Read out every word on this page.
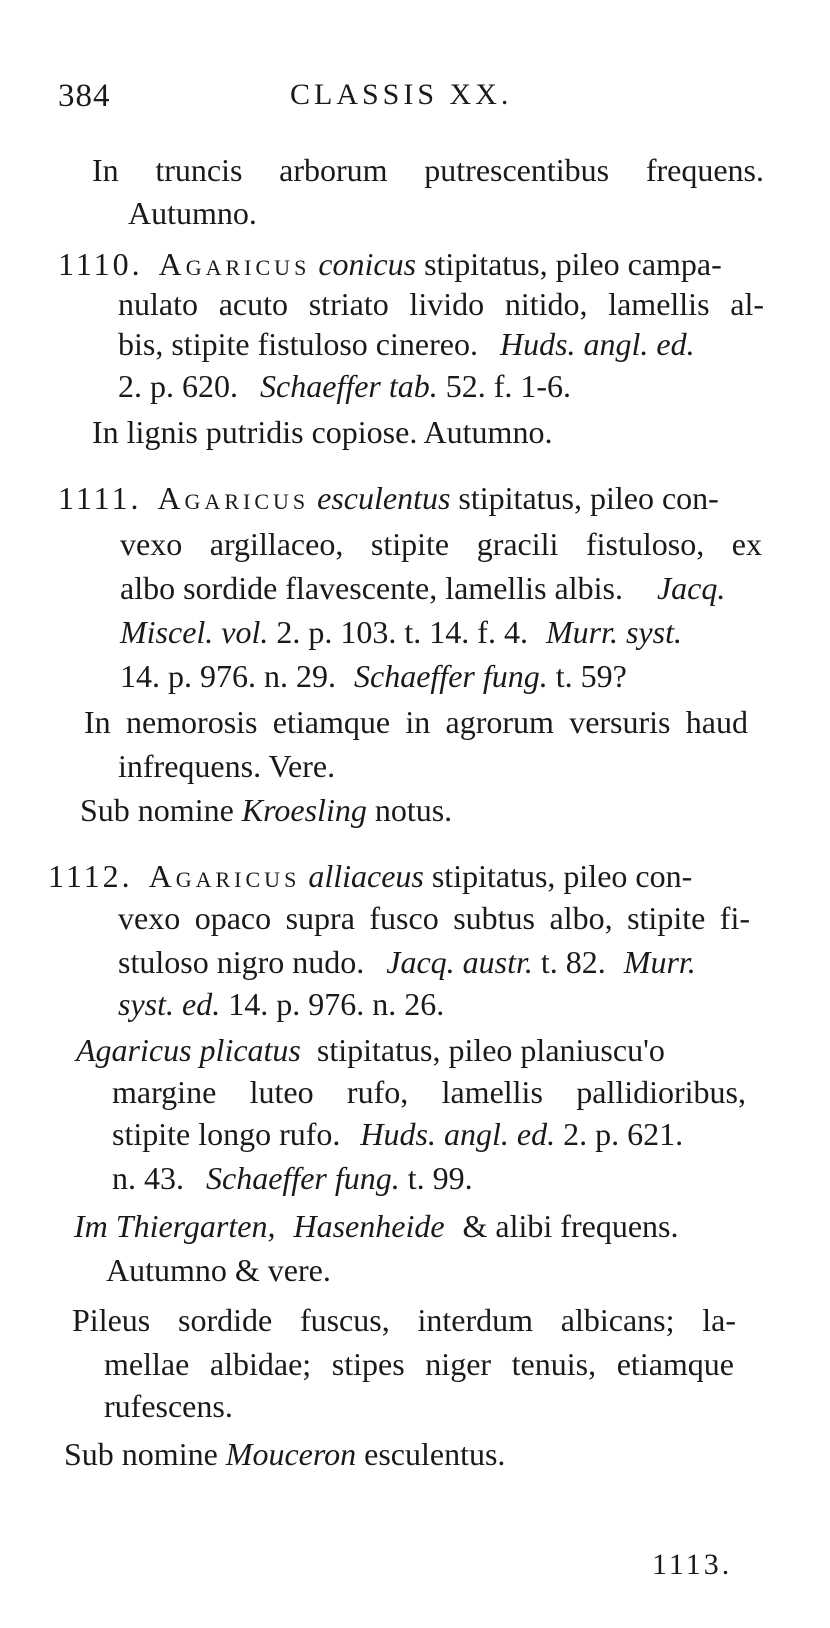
384	CLASSIS XX.
In truncis arborum putrescentibus frequens.
Autumno.
1110. Agaricus conicus stipitatus, pileo campa-
nulato acuto striato livido nitido, lamellis al-
bis, stipite fistuloso cinereo. Huds. angl. ed.
2. p. 620. Schaeffer tab. 52. f. 1-6.
In lignis putridis copiose. Autumno.
1111. Agaricus esculentus stipitatus, pileo con-
vexo argillaceo, stipite gracili fistuloso, ex
albo sordide flavescente, lamellis albis. Jacq.
Miscel. vol. 2. p. 103. t. 14. f. 4. Murr. syst.
14. p. 976. n. 29. Schaeffer fung. t. 59?
In nemorosis etiamque in agrorum versuris haud
infrequens. Vere.
Sub nomine Kroesling notus.
1112. Agaricus alliaceus stipitatus, pileo con-
vexo opaco supra fusco subtus albo, stipite fi-
stuloso nigro nudo. Jacq. austr. t. 82. Murr.
syst. ed. 14. p. 976. n. 26.
Agaricus plicatus stipitatus, pileo planiuscu'o
margine luteo rufo, lamellis pallidioribus,
stipite longo rufo. Huds. angl. ed. 2. p. 621.
n. 43. Schaeffer fung. t. 99.
Im Thiergarten, Hasenheide & alibi frequens.
Autumno & vere.
Pileus sordide fuscus, interdum albicans; la-
mellae albidae; stipes niger tenuis, etiamque
rufescens.
Sub nomine Mouceron esculentus.
1113.
